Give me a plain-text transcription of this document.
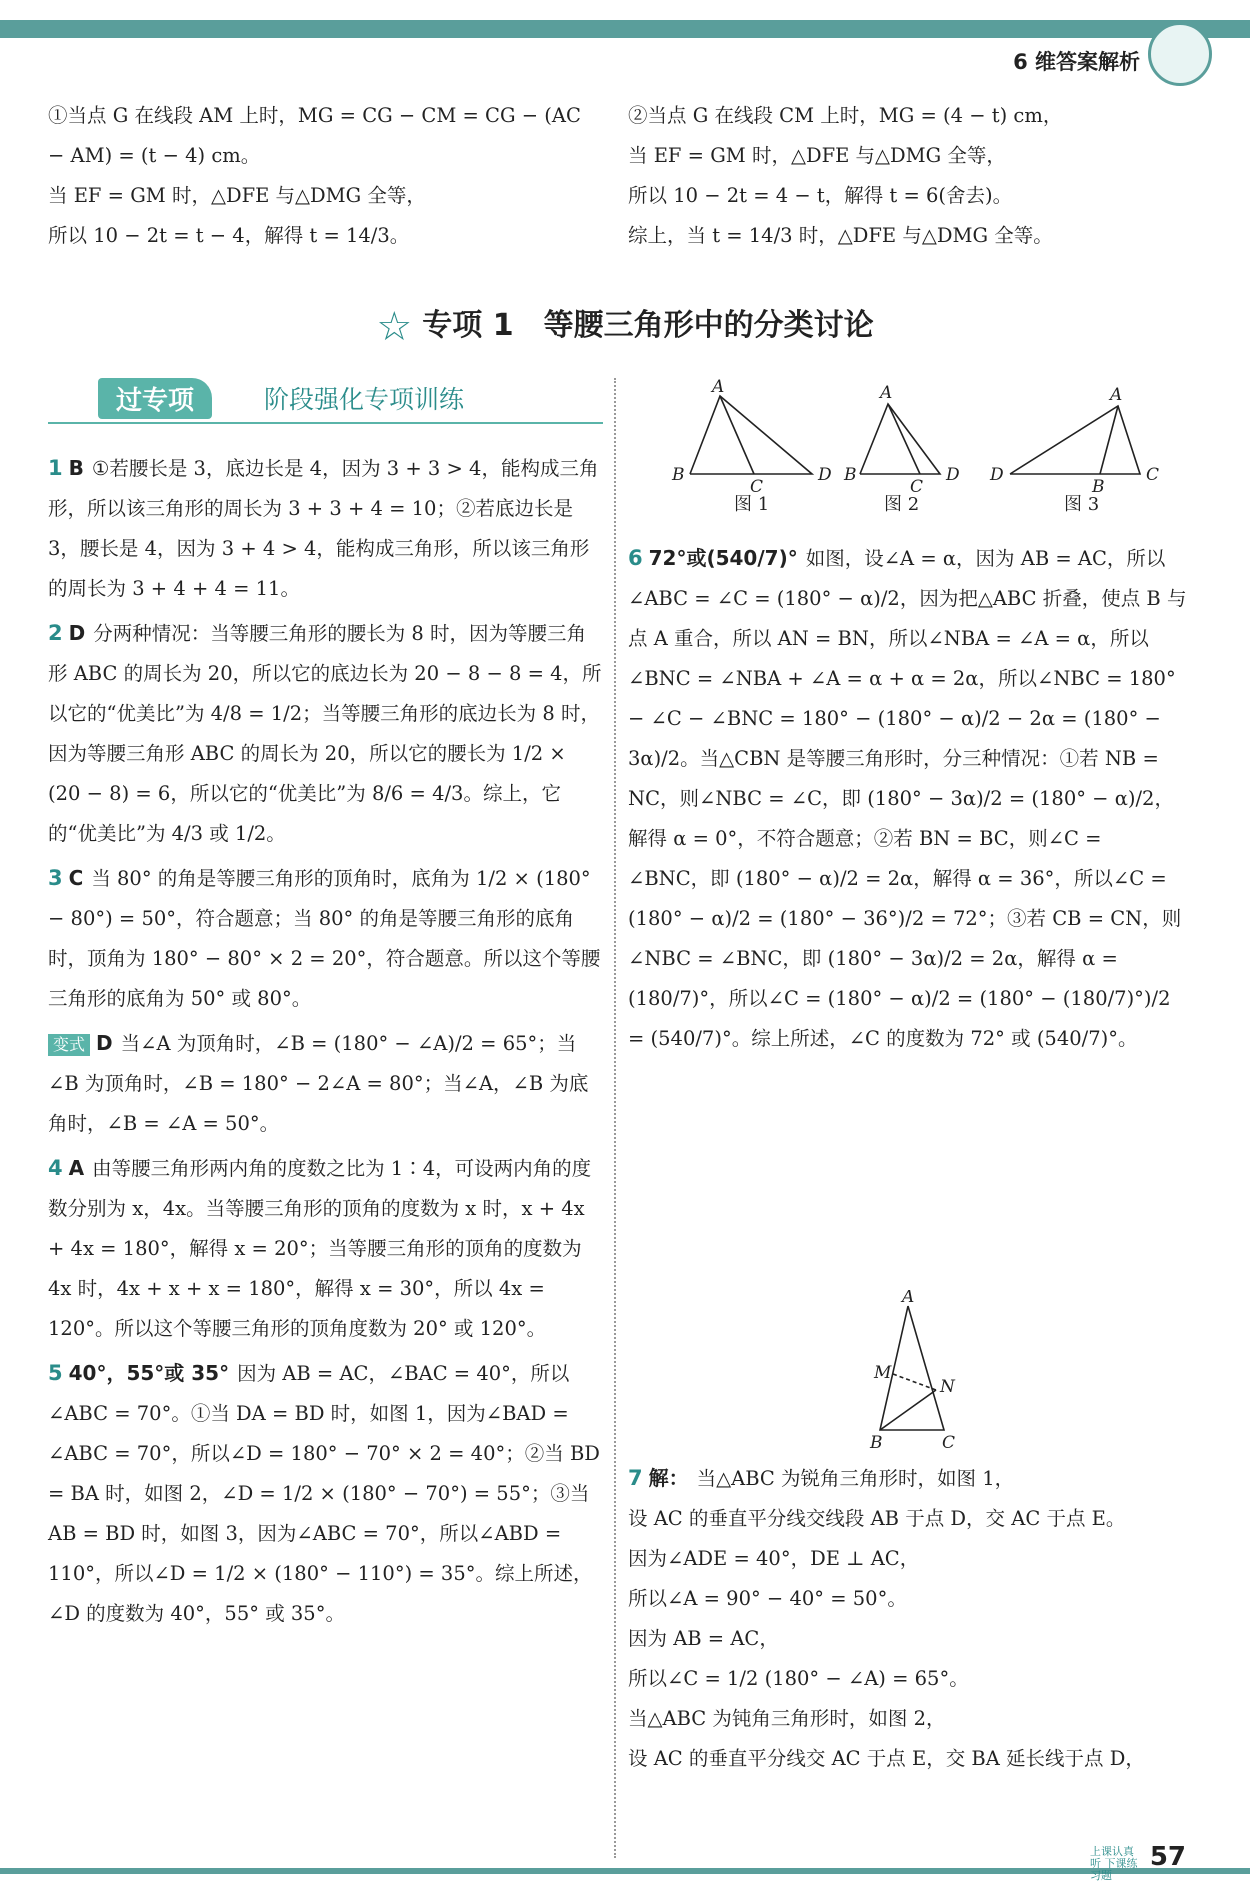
6 维答案解析

①当点 G 在线段 AM 上时，MG = CG − CM = CG − (AC − AM) = (t − 4) cm。

当 EF = GM 时，△DFE 与△DMG 全等，

所以 10 − 2t = t − 4，解得 t = 14/3。

②当点 G 在线段 CM 上时，MG = (4 − t) cm，

当 EF = GM 时，△DFE 与△DMG 全等，

所以 10 − 2t = 4 − t，解得 t = 6(舍去)。

综上，当 t = 14/3 时，△DFE 与△DMG 全等。

☆ 专项 1　等腰三角形中的分类讨论
过专项	阶段强化专项训练

1 B ①若腰长是 3，底边长是 4，因为 3 + 3 > 4，能构成三角形，所以该三角形的周长为 3 + 3 + 4 = 10；②若底边长是 3，腰长是 4，因为 3 + 4 > 4，能构成三角形，所以该三角形的周长为 3 + 4 + 4 = 11。

2 D 分两种情况：当等腰三角形的腰长为 8 时，因为等腰三角形 ABC 的周长为 20，所以它的底边长为 20 − 8 − 8 = 4，所以它的“优美比”为 4/8 = 1/2；当等腰三角形的底边长为 8 时，因为等腰三角形 ABC 的周长为 20，所以它的腰长为 1/2 × (20 − 8) = 6，所以它的“优美比”为 8/6 = 4/3。综上，它的“优美比”为 4/3 或 1/2。

3 C 当 80° 的角是等腰三角形的顶角时，底角为 1/2 × (180° − 80°) = 50°，符合题意；当 80° 的角是等腰三角形的底角时，顶角为 180° − 80° × 2 = 20°，符合题意。所以这个等腰三角形的底角为 50° 或 80°。

变式 D 当∠A 为顶角时，∠B = (180° − ∠A)/2 = 65°；当∠B 为顶角时，∠B = 180° − 2∠A = 80°；当∠A，∠B 为底角时，∠B = ∠A = 50°。

4 A 由等腰三角形两内角的度数之比为 1∶4，可设两内角的度数分别为 x，4x。当等腰三角形的顶角的度数为 x 时，x + 4x + 4x = 180°，解得 x = 20°；当等腰三角形的顶角的度数为 4x 时，4x + x + x = 180°，解得 x = 30°，所以 4x = 120°。所以这个等腰三角形的顶角度数为 20° 或 120°。

5 40°，55°或 35° 因为 AB = AC，∠BAC = 40°，所以∠ABC = 70°。①当 DA = BD 时，如图 1，因为∠BAD = ∠ABC = 70°，所以∠D = 180° − 70° × 2 = 40°；②当 BD = BA 时，如图 2，∠D = 1/2 × (180° − 70°) = 55°；③当 AB = BD 时，如图 3，因为∠ABC = 70°，所以∠ABD = 110°，所以∠D = 1/2 × (180° − 110°) = 35°。综上所述，∠D 的度数为 40°，55° 或 35°。

A
B
C
D
图 1
A
B
C
D
图 2
A
D
B
C
图 3

6 72°或(540/7)° 如图，设∠A = α，因为 AB = AC，所以∠ABC = ∠C = (180° − α)/2，因为把△ABC 折叠，使点 B 与点 A 重合，所以 AN = BN，所以∠NBA = ∠A = α，所以∠BNC = ∠NBA + ∠A = α + α = 2α，所以∠NBC = 180° − ∠C − ∠BNC = 180° − (180° − α)/2 − 2α = (180° − 3α)/2。当△CBN 是等腰三角形时，分三种情况：①若 NB = NC，则∠NBC = ∠C，即 (180° − 3α)/2 = (180° − α)/2，解得 α = 0°，不符合题意；②若 BN = BC，则∠C = ∠BNC，即 (180° − α)/2 = 2α，解得 α = 36°，所以∠C = (180° − α)/2 = (180° − 36°)/2 = 72°；③若 CB = CN，则∠NBC = ∠BNC，即 (180° − 3α)/2 = 2α，解得 α = (180/7)°，所以∠C = (180° − α)/2 = (180° − (180/7)°)/2 = (540/7)°。综上所述，∠C 的度数为 72° 或 (540/7)°。

A
M
N
B	C

7 解： 当△ABC 为锐角三角形时，如图 1，

设 AC 的垂直平分线交线段 AB 于点 D，交 AC 于点 E。

因为∠ADE = 40°，DE ⊥ AC，

所以∠A = 90° − 40° = 50°。

因为 AB = AC，

所以∠C = 1/2 (180° − ∠A) = 65°。

当△ABC 为钝角三角形时，如图 2，

设 AC 的垂直平分线交 AC 于点 E，交 BA 延长线于点 D，

上课认真听 下课练习题
57
